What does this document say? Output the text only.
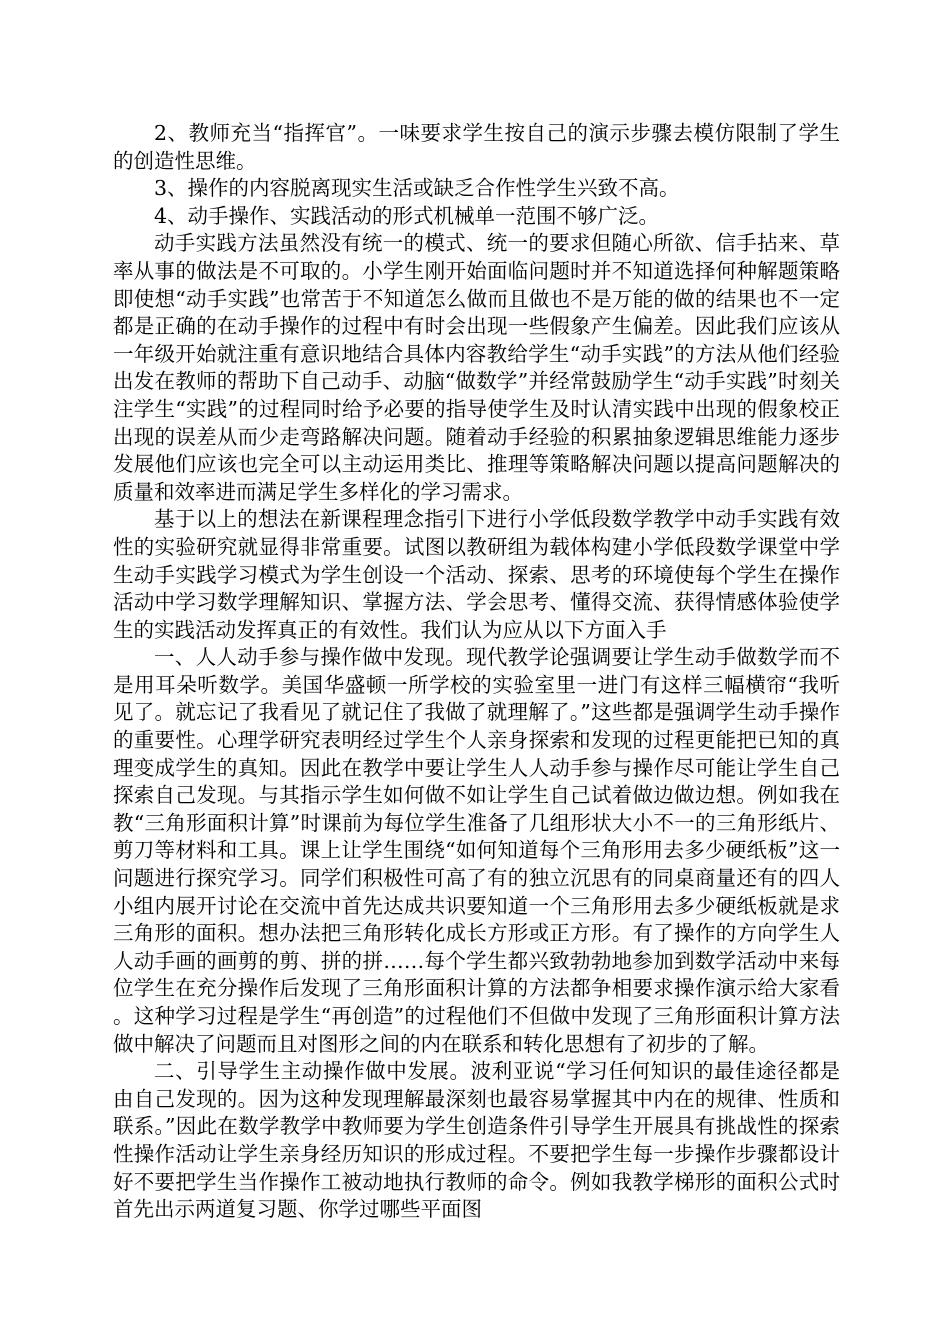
2、教师充当“指挥官”。一味要求学生按自己的演示步骤去模仿限制了学生的创造性思维。

3、操作的内容脱离现实生活或缺乏合作性学生兴致不高。

4、动手操作、实践活动的形式机械单一范围不够广泛。

动手实践方法虽然没有统一的模式、统一的要求但随心所欲、信手拈来、草率从事的做法是不可取的。小学生刚开始面临问题时并不知道选择何种解题策略即使想“动手实践”也常苦于不知道怎么做而且做也不是万能的做的结果也不一定都是正确的在动手操作的过程中有时会出现一些假象产生偏差。因此我们应该从一年级开始就注重有意识地结合具体内容教给学生“动手实践”的方法从他们经验出发在教师的帮助下自己动手、动脑“做数学”并经常鼓励学生“动手实践”时刻关注学生“实践”的过程同时给予必要的指导使学生及时认清实践中出现的假象校正出现的误差从而少走弯路解决问题。随着动手经验的积累抽象逻辑思维能力逐步发展他们应该也完全可以主动运用类比、推理等策略解决问题以提高问题解决的质量和效率进而满足学生多样化的学习需求。

基于以上的想法在新课程理念指引下进行小学低段数学教学中动手实践有效性的实验研究就显得非常重要。试图以教研组为载体构建小学低段数学课堂中学生动手实践学习模式为学生创设一个活动、探索、思考的环境使每个学生在操作活动中学习数学理解知识、掌握方法、学会思考、懂得交流、获得情感体验使学生的实践活动发挥真正的有效性。我们认为应从以下方面入手

一、人人动手参与操作做中发现。现代教学论强调要让学生动手做数学而不是用耳朵听数学。美国华盛顿一所学校的实验室里一进门有这样三幅横帘“我听见了。就忘记了我看见了就记住了我做了就理解了。”这些都是强调学生动手操作的重要性。心理学研究表明经过学生个人亲身探索和发现的过程更能把已知的真理变成学生的真知。因此在教学中要让学生人人动手参与操作尽可能让学生自己探索自己发现。与其指示学生如何做不如让学生自己试着做边做边想。例如我在教“三角形面积计算”时课前为每位学生准备了几组形状大小不一的三角形纸片、剪刀等材料和工具。课上让学生围绕“如何知道每个三角形用去多少硬纸板”这一问题进行探究学习。同学们积极性可高了有的独立沉思有的同桌商量还有的四人小组内展开讨论在交流中首先达成共识要知道一个三角形用去多少硬纸板就是求三角形的面积。想办法把三角形转化成长方形或正方形。有了操作的方向学生人人动手画的画剪的剪、拼的拼……每个学生都兴致勃勃地参加到数学活动中来每位学生在充分操作后发现了三角形面积计算的方法都争相要求操作演示给大家看。这种学习过程是学生“再创造”的过程他们不但做中发现了三角形面积计算方法做中解决了问题而且对图形之间的内在联系和转化思想有了初步的了解。

二、引导学生主动操作做中发展。波利亚说“学习任何知识的最佳途径都是由自己发现的。因为这种发现理解最深刻也最容易掌握其中内在的规律、性质和联系。”因此在数学教学中教师要为学生创造条件引导学生开展具有挑战性的探索性操作活动让学生亲身经历知识的形成过程。不要把学生每一步操作步骤都设计好不要把学生当作操作工被动地执行教师的命令。例如我教学梯形的面积公式时首先出示两道复习题、你学过哪些平面图
